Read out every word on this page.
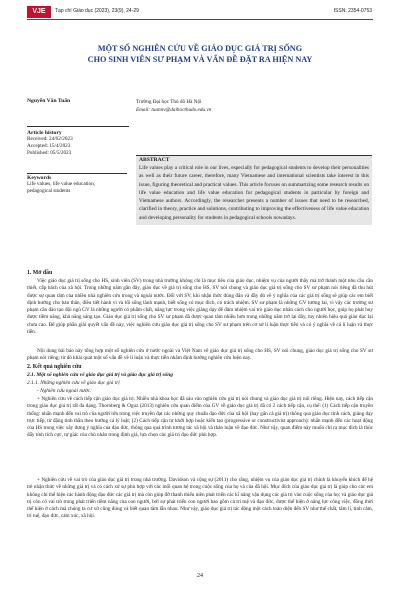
VJE	Tạp chí Giáo dục (2023), 23(9), 24-29	ISSN: 2354-0753
MỘT SỐ NGHIÊN CỨU VỀ GIÁO DỤC GIÁ TRỊ SỐNG
CHO SINH VIÊN SƯ PHẠM VÀ VẤN ĐỀ ĐẶT RA HIỆN NAY
Nguyễn Văn Tuấn	Trường Đại học Thủ đô Hà Nội
Email: tuannv@daihocthudo.edu.vn
Article history
Received: 24/02/2023
Accepted: 15/4/2023
Published: 05/5/2023
Keywords
Life values, life value education, pedagogical students
ABSTRACT
Life values play a critical role in our lives, especially for pedagogical students to develop their personalities as well as their future career, therefore, many Vietnamese and international scientists take interest in this issue, figuring theoretical and practical values. This article focuses on summarizing some research results on life value education and life value education for pedagogical students in particular by foreign and Vietnamese authors. Accordingly, the researcher presents a number of issues that need to be researched, clarified in theory, practice and solutions, contributing to improving the effectiveness of life value education and developing personality for students in pedagogical schools nowadays.
1. Mở đầu
Việc giáo dục giá trị sống cho HS, sinh viên (SV) trong nhà trường không chỉ là mục tiêu của giáo dục, nhiệm vụ của người thầy mà trở thành một nhu cầu cần thiết, cấp bách của xã hội. Trong những năm gần đây, giáo dục về giá trị sống cho HS, SV nói chung và giáo dục giá trị sống cho SV sư phạm nói riêng đã thu hút được sự quan tâm của nhiều nhà nghiên cứu trong và ngoài nước. Đối với SV, khi nhận thức đúng đắn và đầy đủ về ý nghĩa của các giá trị sống sẽ giúp các em biết định hướng cho bản thân, điều tiết hành vi và lối sống lành mạnh, biết sống có mục đích, có trách nhiệm. SV sư phạm là những GV tương lai, vì vậy các trường sư phạm cần đào tạo đội ngũ GV là những người có phẩm chất, năng lực trong việc giảng dạy để đảm nhiệm vai trò giáo dục nhân cách cho người học, giúp họ phát huy được tiềm năng, khả năng sáng tạo. Giáo dục giá trị sống cho SV sư phạm đã được quan tâm nhiều hơn trong những năm trở lại đây, tuy nhiên hiệu quả giáo dục lại chưa cao. Để giúp phần giải quyết vấn đề này, việc nghiên cứu giáo dục giá trị sống cho SV sư phạm trên cơ sở lí luận thực tiễn và có ý nghĩa về cả lí luận và thực tiễn.
Nội dung bài báo này tổng hợp một số nghiên cứu ở nước ngoài và Việt Nam về giáo dục giá trị sống cho HS, SV nói chung, giáo dục giá trị sống cho SV sư phạm nói riêng; từ đó khái quát một số vấn đề về lí luận và thực tiễn nhằm định hướng nghiên cứu hiện nay.
2. Kết quả nghiên cứu
2.1. Một số nghiên cứu về giáo dục giá trị và giáo dục giá trị sống
2.1.1. Những nghiên cứu về giáo dục giá trị
- Nghiên cứu ngoài nước:
+ Nghiên cứu về cách tiếp cận giáo dục giá trị. Nhiều nhà khoa học đã sáu vào nghiên cứu giá trị nói chung và giáo dục giá trị nói riêng. Hiện nay, cách tiếp cận trong giáo dục giá trị rất đa dạng. Thornberg & Oguz (2013) nghiên cứu quan điểm của GV về giáo dục giá trị đã có 2 cách tiếp cận, cụ thể: (1) Cách tiếp cận truyền thống: nhấn mạnh đến vai trò của người lớn trong việc truyền đạt các những quy chuẩn đạo đức của xã hội (hay gắn cả giá trị) thông qua giáo dục tính cách, giảng dạy trực tiếp, từ đặng tính thần theo hướng cá lý luật; (2) Cách tiếp cận tự khởi hợp hoặc kiến tạo (progressive or constructivist approach): nhấn mạnh đến các hoạt động của HS trong việc xây dựng ý nghĩa của đạo đức, thông qua quá trình tương tác xã hội và thảo luận về đạo đức. Như vậy, quan điểm này muốn chỉ ra mục đích là thúc đẩy tính tích cực, tự giác của chủ nhân trong định giá, lựa chọn các giá trị đạo đức phù hợp.
+ Nghiên cứu về vai trò của giáo dục giá trị trong nhà trường. Davidson và cộng sự (2011) cho rằng, nhiệm vụ của giáo dục giá trị chính là khuyến khích để hệ trẻ nhận thức về những giá trị và có cách xử sự phù hợp với các mối quan hệ trong cuộc sống của họ và của đã hội. Mục đích của giáo dục giá trị là giúp cho các em không chỉ thể hiện các hành động đạo đức các giá trị mà còn giúp đỡ thanh thiếu niên phát triển các kĩ năng vận dụng các giá trị vào cuộc sống của họ; và giáo dục giá trị còn có vai trò trong phát triển tiềm năng của con người, bởi sự phát triển con người bao gồm cả trí tuệ và đạo đức, được thể hiện ở năng lực công việc, đồng thời thể hiện ở cách mà chúng ta cư xử cũng đúng và biết quan tâm lẫn nhau. Như vậy, giáo dục giá trị tác động một cách toàn diện đến SV như thể chất, tâm lí, tình cảm, trí tuệ, đạo đức, cảm xúc, xã hội.
24
